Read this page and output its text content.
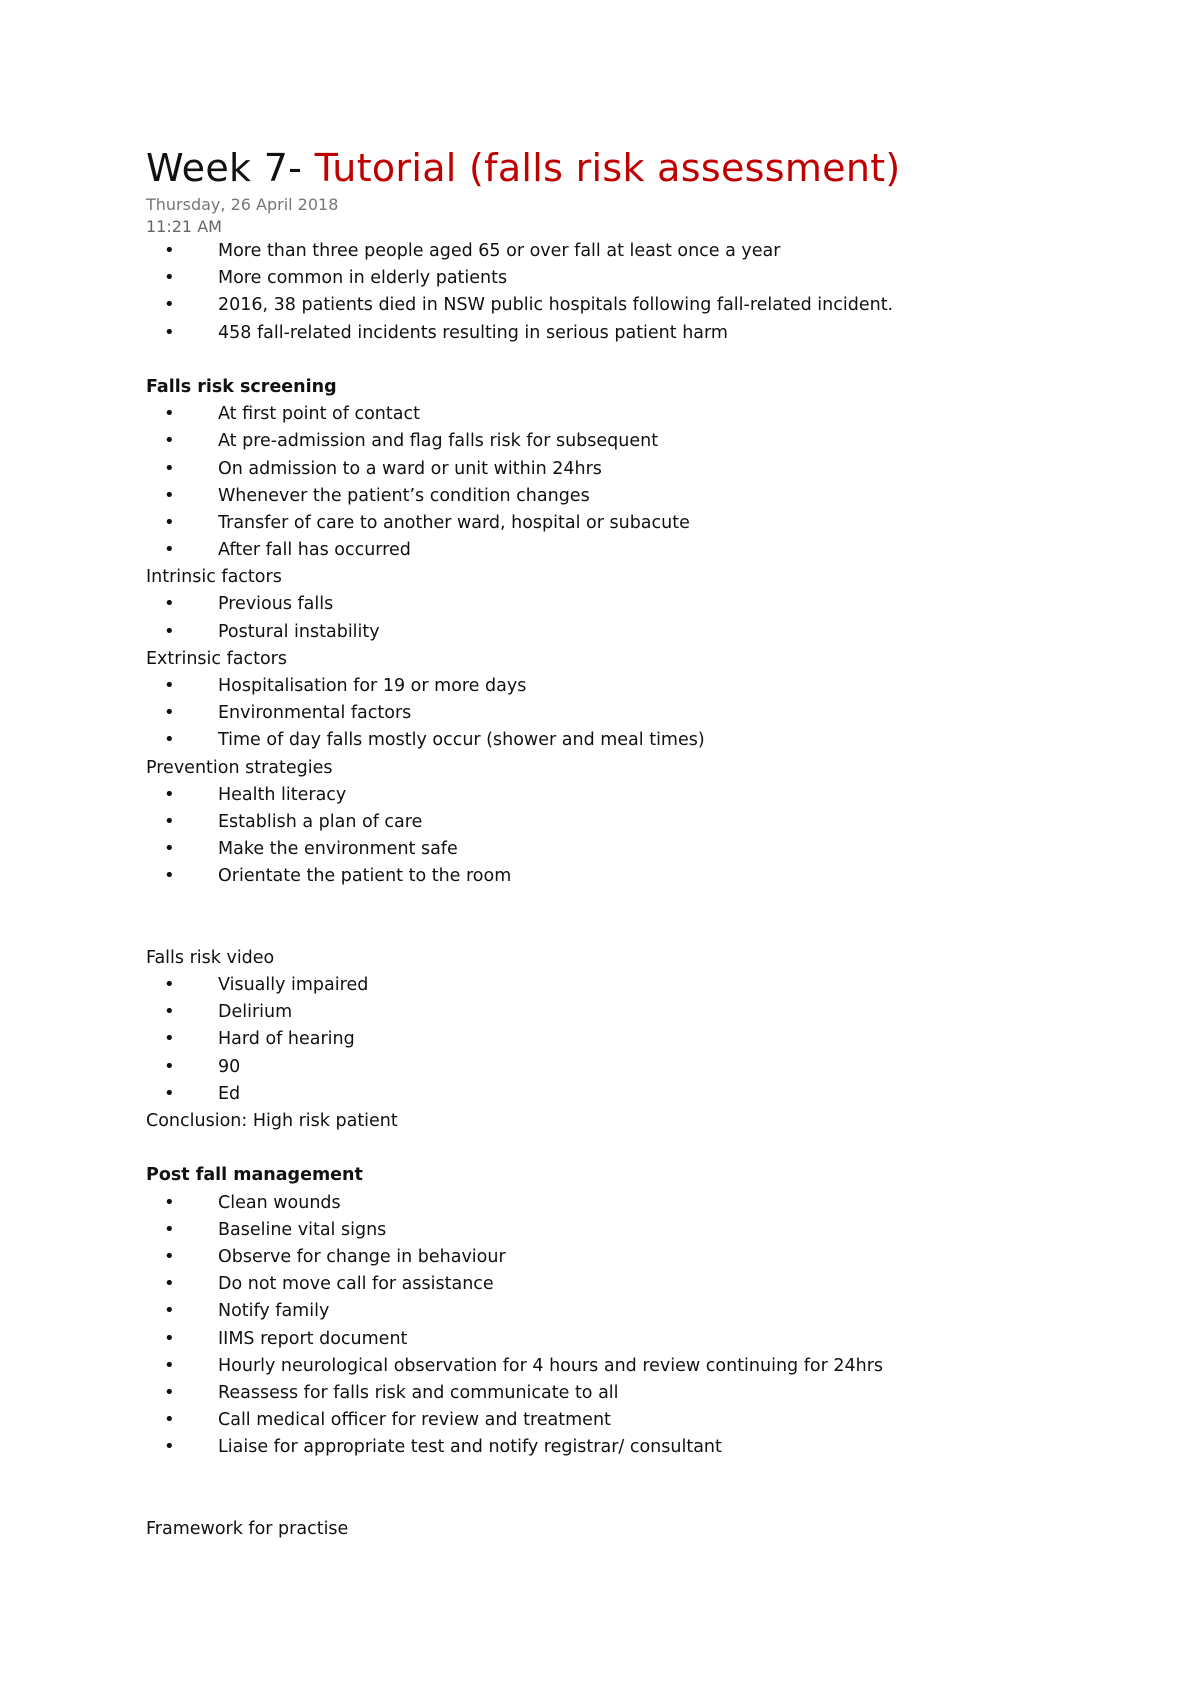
Week 7- Tutorial (falls risk assessment)
Thursday, 26 April 2018
11:21 AM
• More than three people aged 65 or over fall at least once a year
• More common in elderly patients
• 2016, 38 patients died in NSW public hospitals following fall-related incident.
• 458 fall-related incidents resulting in serious patient harm
Falls risk screening
• At first point of contact
• At pre-admission and flag falls risk for subsequent
• On admission to a ward or unit within 24hrs
• Whenever the patient’s condition changes
• Transfer of care to another ward, hospital or subacute
• After fall has occurred
Intrinsic factors
• Previous falls
• Postural instability
Extrinsic factors
• Hospitalisation for 19 or more days
• Environmental factors
• Time of day falls mostly occur (shower and meal times)
Prevention strategies
• Health literacy
• Establish a plan of care
• Make the environment safe
• Orientate the patient to the room
Falls risk video
• Visually impaired
• Delirium
• Hard of hearing
• 90
• Ed
Conclusion: High risk patient
Post fall management
• Clean wounds
• Baseline vital signs
• Observe for change in behaviour
• Do not move call for assistance
• Notify family
• IIMS report document
• Hourly neurological observation for 4 hours and review continuing for 24hrs
• Reassess for falls risk and communicate to all
• Call medical officer for review and treatment
• Liaise for appropriate test and notify registrar/ consultant
Framework for practise
